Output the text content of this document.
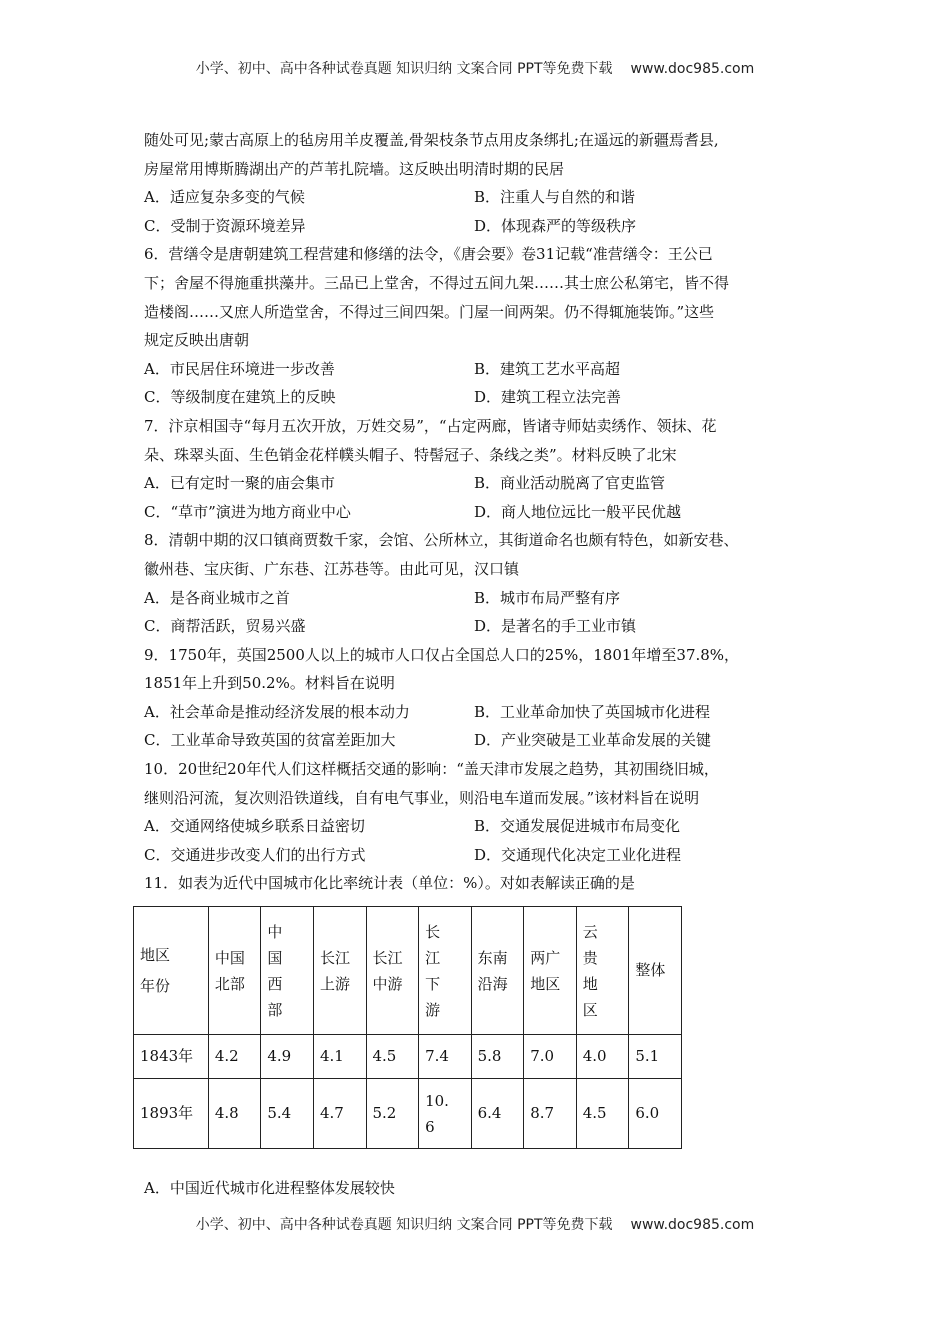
小学、初中、高中各种试卷真题 知识归纳 文案合同 PPT等免费下载 www.doc985.com
随处可见;蒙古高原上的毡房用羊皮覆盖,骨架枝条节点用皮条绑扎;在遥远的新疆焉耆县,
房屋常用博斯腾湖出产的芦苇扎院墙。这反映出明清时期的民居
A．适应复杂多变的气候	B．注重人与自然的和谐
C．受制于资源环境差异	D．体现森严的等级秩序
6．营缮令是唐朝建筑工程营建和修缮的法令，《唐会要》卷31记载“准营缮令：王公已
下；舍屋不得施重拱藻井。三品已上堂舍，不得过五间九架……其士庶公私第宅，皆不得
造楼阁……又庶人所造堂舍，不得过三间四架。门屋一间两架。仍不得辄施装饰。”这些
规定反映出唐朝
A．市民居住环境进一步改善	B．建筑工艺水平高超
C．等级制度在建筑上的反映	D．建筑工程立法完善
7．汴京相国寺“每月五次开放，万姓交易”，“占定两廊，皆诸寺师姑卖绣作、领抹、花
朵、珠翠头面、生色销金花样幞头帽子、特髻冠子、条线之类”。材料反映了北宋
A．已有定时一聚的庙会集市	B．商业活动脱离了官吏监管
C．“草市”演进为地方商业中心	D．商人地位远比一般平民优越
8．清朝中期的汉口镇商贾数千家，会馆、公所林立，其街道命名也颇有特色，如新安巷、
徽州巷、宝庆街、广东巷、江苏巷等。由此可见，汉口镇
A．是各商业城市之首	B．城市布局严整有序
C．商帮活跃，贸易兴盛	D．是著名的手工业市镇
9．1750年，英国2500人以上的城市人口仅占全国总人口的25%，1801年增至37.8%，
1851年上升到50.2%。材料旨在说明
A．社会革命是推动经济发展的根本动力	B．工业革命加快了英国城市化进程
C．工业革命导致英国的贫富差距加大	D．产业突破是工业革命发展的关键
10．20世纪20年代人们这样概括交通的影响：“盖天津市发展之趋势，其初围绕旧城，
继则沿河流，复次则沿铁道线，自有电气事业，则沿电车道而发展。”该材料旨在说明
A．交通网络使城乡联系日益密切	B．交通发展促进城市布局变化
C．交通进步改变人们的出行方式	D．交通现代化决定工业化进程
11．如表为近代中国城市化比率统计表（单位：%）。对如表解读正确的是
地区
年份	中国北部	中国西部	长江上游	长江中游	长江下游	东南沿海	两广地区	云贵地区	整体
1843年	4.2	4.9	4.1	4.5	7.4	5.8	7.0	4.0	5.1
1893年	4.8	5.4	4.7	5.2	10.6	6.4	8.7	4.5	6.0
A．中国近代城市化进程整体发展较快
小学、初中、高中各种试卷真题 知识归纳 文案合同 PPT等免费下载 www.doc985.com
